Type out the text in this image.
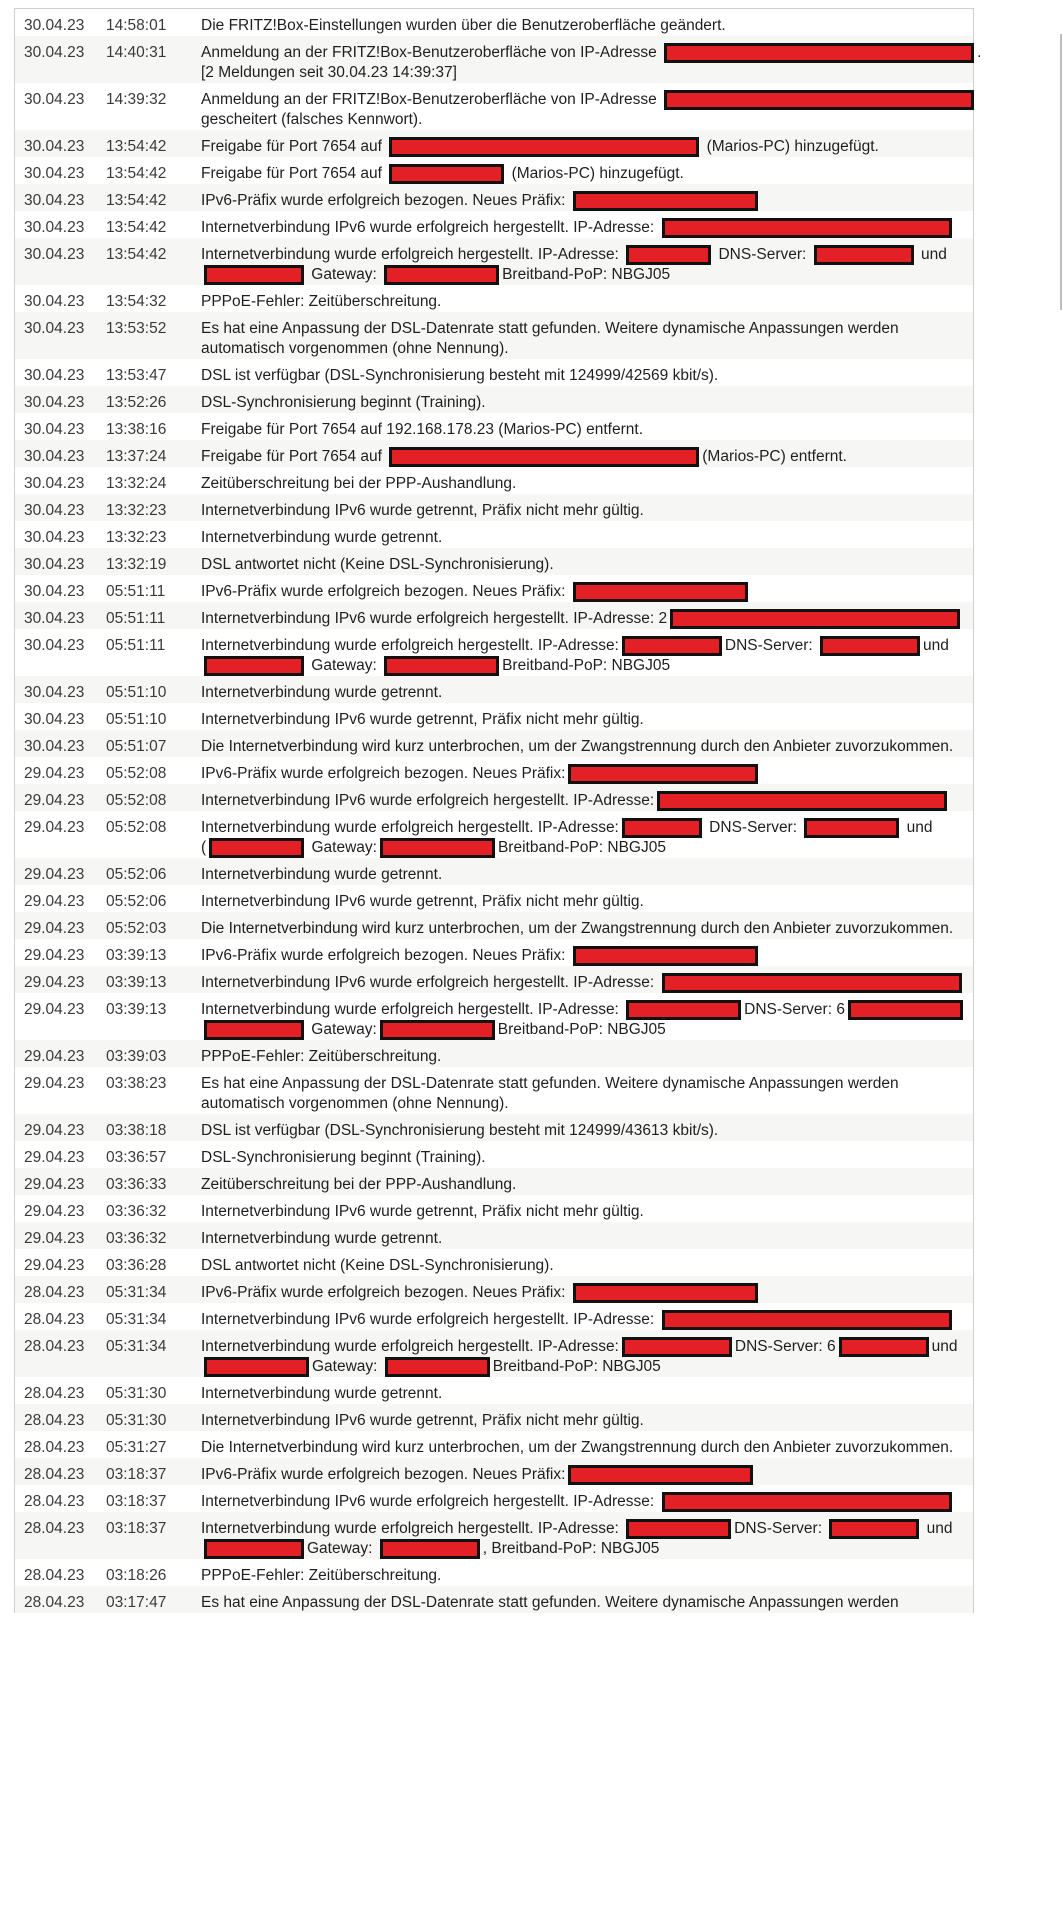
30.04.23	14:58:01	Die FRITZ!Box-Einstellungen wurden über die Benutzeroberfläche geändert.
30.04.23	14:40:31	Anmeldung an der FRITZ!Box-Benutzeroberfläche von IP-Adresse	.
[2 Meldungen seit 30.04.23 14:39:37]
30.04.23	14:39:32	Anmeldung an der FRITZ!Box-Benutzeroberfläche von IP-Adresse
gescheitert (falsches Kennwort).
30.04.23	13:54:42	Freigabe für Port 7654 auf	(Marios-PC) hinzugefügt.
30.04.23	13:54:42	Freigabe für Port 7654 auf	(Marios-PC) hinzugefügt.
30.04.23	13:54:42	IPv6-Präfix wurde erfolgreich bezogen. Neues Präfix:
30.04.23	13:54:42	Internetverbindung IPv6 wurde erfolgreich hergestellt. IP-Adresse:
30.04.23	13:54:42	Internetverbindung wurde erfolgreich hergestellt. IP-Adresse:	DNS-Server:	und
Gateway:	Breitband-PoP: NBGJ05
30.04.23	13:54:32	PPPoE-Fehler: Zeitüberschreitung.
30.04.23	13:53:52	Es hat eine Anpassung der DSL-Datenrate statt gefunden. Weitere dynamische Anpassungen werden
automatisch vorgenommen (ohne Nennung).
30.04.23	13:53:47	DSL ist verfügbar (DSL-Synchronisierung besteht mit 124999/42569 kbit/s).
30.04.23	13:52:26	DSL-Synchronisierung beginnt (Training).
30.04.23	13:38:16	Freigabe für Port 7654 auf 192.168.178.23 (Marios-PC) entfernt.
30.04.23	13:37:24	Freigabe für Port 7654 auf	(Marios-PC) entfernt.
30.04.23	13:32:24	Zeitüberschreitung bei der PPP-Aushandlung.
30.04.23	13:32:23	Internetverbindung IPv6 wurde getrennt, Präfix nicht mehr gültig.
30.04.23	13:32:23	Internetverbindung wurde getrennt.
30.04.23	13:32:19	DSL antwortet nicht (Keine DSL-Synchronisierung).
30.04.23	05:51:11	IPv6-Präfix wurde erfolgreich bezogen. Neues Präfix:
30.04.23	05:51:11	Internetverbindung IPv6 wurde erfolgreich hergestellt. IP-Adresse: 2
30.04.23	05:51:11	Internetverbindung wurde erfolgreich hergestellt. IP-Adresse:	DNS-Server:	und
Gateway:	Breitband-PoP: NBGJ05
30.04.23	05:51:10	Internetverbindung wurde getrennt.
30.04.23	05:51:10	Internetverbindung IPv6 wurde getrennt, Präfix nicht mehr gültig.
30.04.23	05:51:07	Die Internetverbindung wird kurz unterbrochen, um der Zwangstrennung durch den Anbieter zuvorzukommen.
29.04.23	05:52:08	IPv6-Präfix wurde erfolgreich bezogen. Neues Präfix:
29.04.23	05:52:08	Internetverbindung IPv6 wurde erfolgreich hergestellt. IP-Adresse:
29.04.23	05:52:08	Internetverbindung wurde erfolgreich hergestellt. IP-Adresse:	DNS-Server:	und
(	Gateway:	Breitband-PoP: NBGJ05
29.04.23	05:52:06	Internetverbindung wurde getrennt.
29.04.23	05:52:06	Internetverbindung IPv6 wurde getrennt, Präfix nicht mehr gültig.
29.04.23	05:52:03	Die Internetverbindung wird kurz unterbrochen, um der Zwangstrennung durch den Anbieter zuvorzukommen.
29.04.23	03:39:13	IPv6-Präfix wurde erfolgreich bezogen. Neues Präfix:
29.04.23	03:39:13	Internetverbindung IPv6 wurde erfolgreich hergestellt. IP-Adresse:
29.04.23	03:39:13	Internetverbindung wurde erfolgreich hergestellt. IP-Adresse:	DNS-Server: 6
Gateway:	Breitband-PoP: NBGJ05
29.04.23	03:39:03	PPPoE-Fehler: Zeitüberschreitung.
29.04.23	03:38:23	Es hat eine Anpassung der DSL-Datenrate statt gefunden. Weitere dynamische Anpassungen werden
automatisch vorgenommen (ohne Nennung).
29.04.23	03:38:18	DSL ist verfügbar (DSL-Synchronisierung besteht mit 124999/43613 kbit/s).
29.04.23	03:36:57	DSL-Synchronisierung beginnt (Training).
29.04.23	03:36:33	Zeitüberschreitung bei der PPP-Aushandlung.
29.04.23	03:36:32	Internetverbindung IPv6 wurde getrennt, Präfix nicht mehr gültig.
29.04.23	03:36:32	Internetverbindung wurde getrennt.
29.04.23	03:36:28	DSL antwortet nicht (Keine DSL-Synchronisierung).
28.04.23	05:31:34	IPv6-Präfix wurde erfolgreich bezogen. Neues Präfix:
28.04.23	05:31:34	Internetverbindung IPv6 wurde erfolgreich hergestellt. IP-Adresse:
28.04.23	05:31:34	Internetverbindung wurde erfolgreich hergestellt. IP-Adresse:	DNS-Server: 6	und
Gateway:	Breitband-PoP: NBGJ05
28.04.23	05:31:30	Internetverbindung wurde getrennt.
28.04.23	05:31:30	Internetverbindung IPv6 wurde getrennt, Präfix nicht mehr gültig.
28.04.23	05:31:27	Die Internetverbindung wird kurz unterbrochen, um der Zwangstrennung durch den Anbieter zuvorzukommen.
28.04.23	03:18:37	IPv6-Präfix wurde erfolgreich bezogen. Neues Präfix:
28.04.23	03:18:37	Internetverbindung IPv6 wurde erfolgreich hergestellt. IP-Adresse:
28.04.23	03:18:37	Internetverbindung wurde erfolgreich hergestellt. IP-Adresse:	DNS-Server:	und
Gateway:	, Breitband-PoP: NBGJ05
28.04.23	03:18:26	PPPoE-Fehler: Zeitüberschreitung.
28.04.23	03:17:47	Es hat eine Anpassung der DSL-Datenrate statt gefunden. Weitere dynamische Anpassungen werden
